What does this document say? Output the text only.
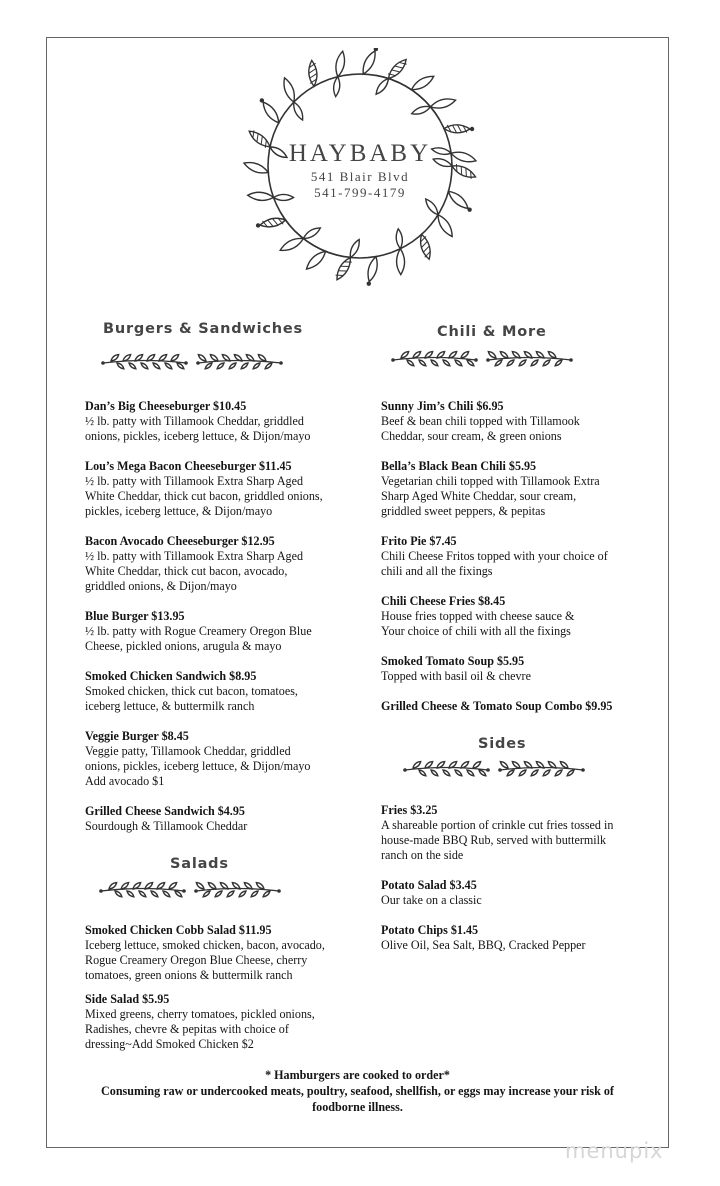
HAYBABY
541 Blair Blvd
541-799-4179
Burgers & Sandwiches	Chili & More
Salads
Sides
Dan’s Big Cheeseburger $10.45
½ lb. patty with Tillamook Cheddar, griddled
onions, pickles, iceberg lettuce, & Dijon/mayo
Lou’s Mega Bacon Cheeseburger $11.45
½ lb. patty with Tillamook Extra Sharp Aged
White Cheddar, thick cut bacon, griddled onions,
pickles, iceberg lettuce, & Dijon/mayo
Bacon Avocado Cheeseburger $12.95
½ lb. patty with Tillamook Extra Sharp Aged
White Cheddar, thick cut bacon, avocado,
griddled onions, & Dijon/mayo
Blue Burger $13.95
½ lb. patty with Rogue Creamery Oregon Blue
Cheese, pickled onions, arugula & mayo
Smoked Chicken Sandwich $8.95
Smoked chicken, thick cut bacon, tomatoes,
iceberg lettuce, & buttermilk ranch
Veggie Burger $8.45
Veggie patty, Tillamook Cheddar, griddled
onions, pickles, iceberg lettuce, & Dijon/mayo
Add avocado $1
Grilled Cheese Sandwich $4.95
Sourdough & Tillamook Cheddar
Smoked Chicken Cobb Salad $11.95
Iceberg lettuce, smoked chicken, bacon, avocado,
Rogue Creamery Oregon Blue Cheese, cherry
tomatoes, green onions & buttermilk ranch
Side Salad $5.95
Mixed greens, cherry tomatoes, pickled onions,
Radishes, chevre & pepitas with choice of
dressing~Add Smoked Chicken $2
Sunny Jim’s Chili $6.95
Beef & bean chili topped with Tillamook
Cheddar, sour cream, & green onions
Bella’s Black Bean Chili $5.95
Vegetarian chili topped with Tillamook Extra
Sharp Aged White Cheddar, sour cream,
griddled sweet peppers, & pepitas
Frito Pie $7.45
Chili Cheese Fritos topped with your choice of
chili and all the fixings
Chili Cheese Fries $8.45
House fries topped with cheese sauce &
Your choice of chili with all the fixings
Smoked Tomato Soup $5.95
Topped with basil oil & chevre
Grilled Cheese & Tomato Soup Combo $9.95
Fries $3.25
A shareable portion of crinkle cut fries tossed in
house-made BBQ Rub, served with buttermilk
ranch on the side
Potato Salad $3.45
Our take on a classic
Potato Chips $1.45
Olive Oil, Sea Salt, BBQ, Cracked Pepper
* Hamburgers are cooked to order*
Consuming raw or undercooked meats, poultry, seafood, shellfish, or eggs may increase your risk of
foodborne illness.
menupix
